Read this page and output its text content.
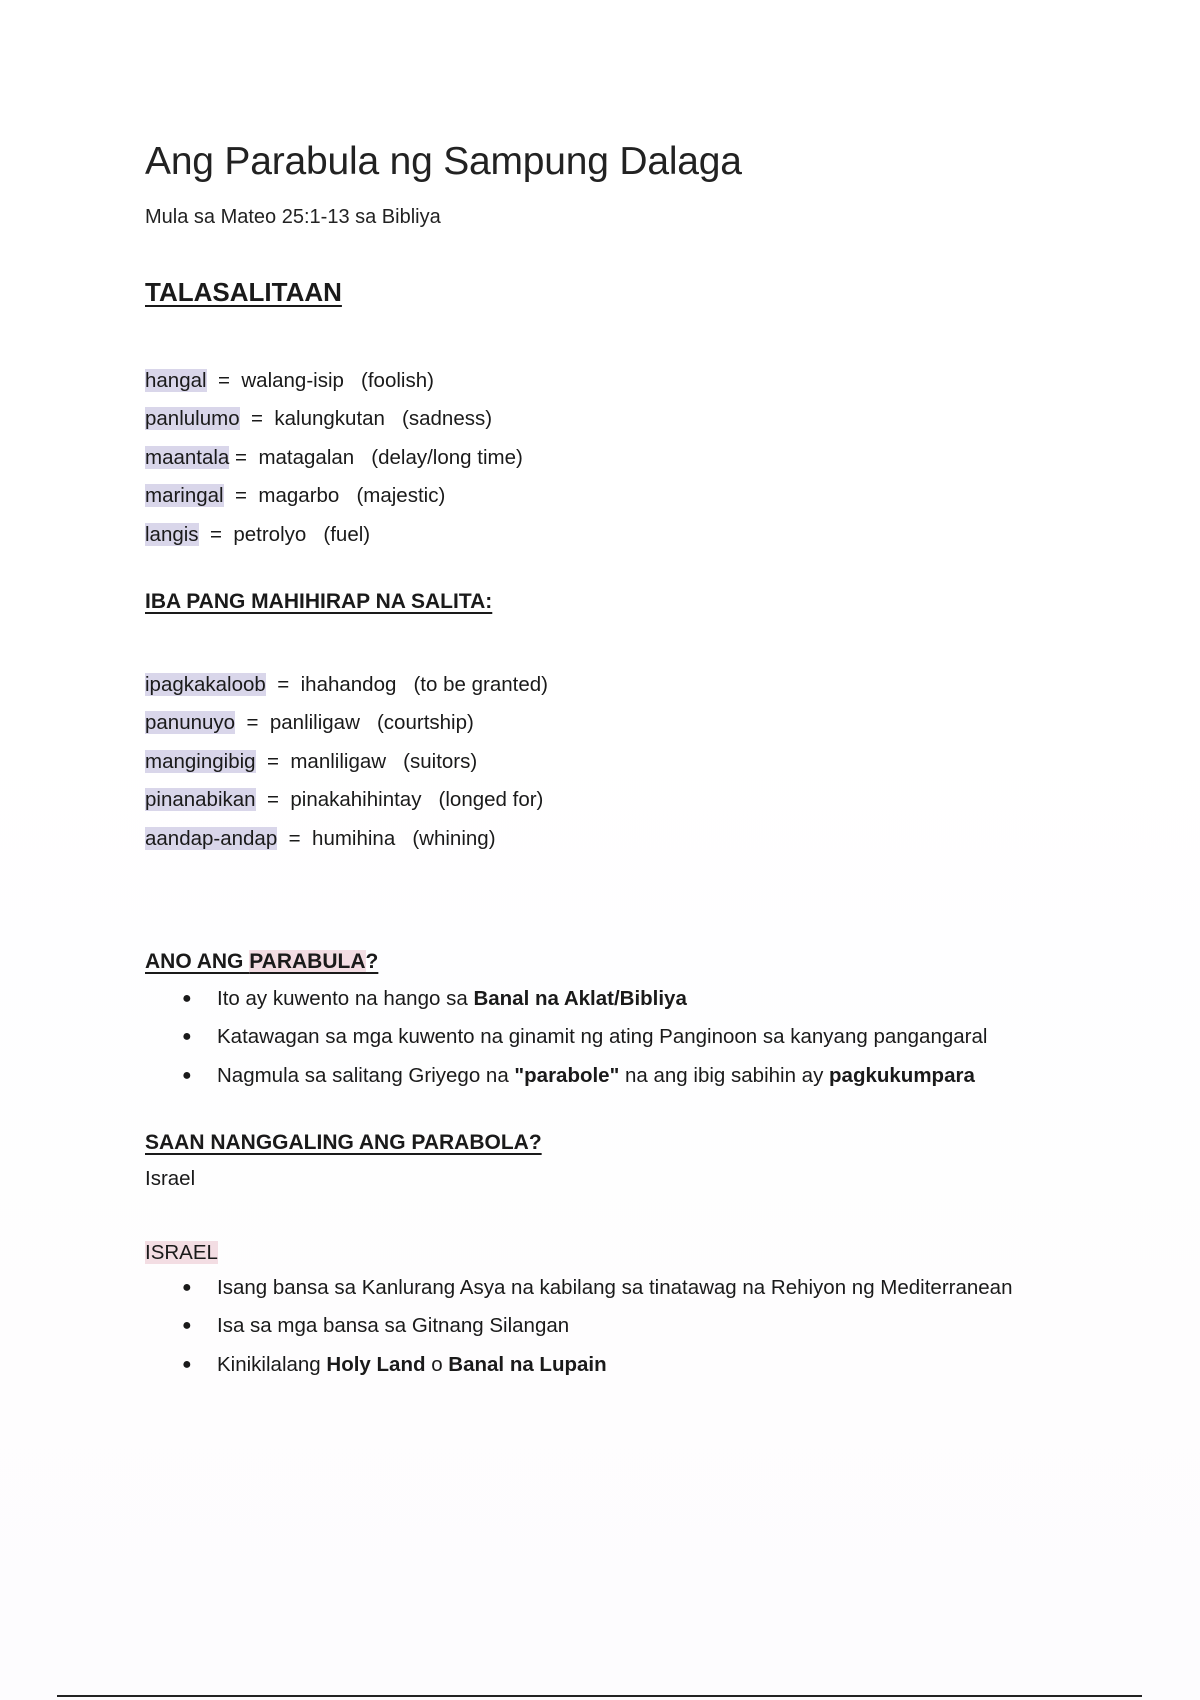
Ang Parabula ng Sampung Dalaga

Mula sa Mateo 25:1-13 sa Bibliya

TALASALITAAN
hangal = walang-isip (foolish)
panlulumo = kalungkutan (sadness)
maantala = matagalan (delay/long time)
maringal = magarbo (majestic)
langis = petrolyo (fuel)
IBA PANG MAHIHIRAP NA SALITA:
ipagkakaloob = ihahandog (to be granted)
panunuyo = panliligaw (courtship)
mangingibig = manliligaw (suitors)
pinanabikan = pinakahihintay (longed for)
aandap-andap = humihina (whining)
ANO ANG PARABULA?
● Ito ay kuwento na hango sa Banal na Aklat/Bibliya
● Katawagan sa mga kuwento na ginamit ng ating Panginoon sa kanyang pangangaral
● Nagmula sa salitang Griyego na "parabole" na ang ibig sabihin ay pagkukumpara
SAAN NANGGALING ANG PARABOLA?

Israel

ISRAEL

● Isang bansa sa Kanlurang Asya na kabilang sa tinatawag na Rehiyon ng Mediterranean
● Isa sa mga bansa sa Gitnang Silangan
● Kinikilalang Holy Land o Banal na Lupain
